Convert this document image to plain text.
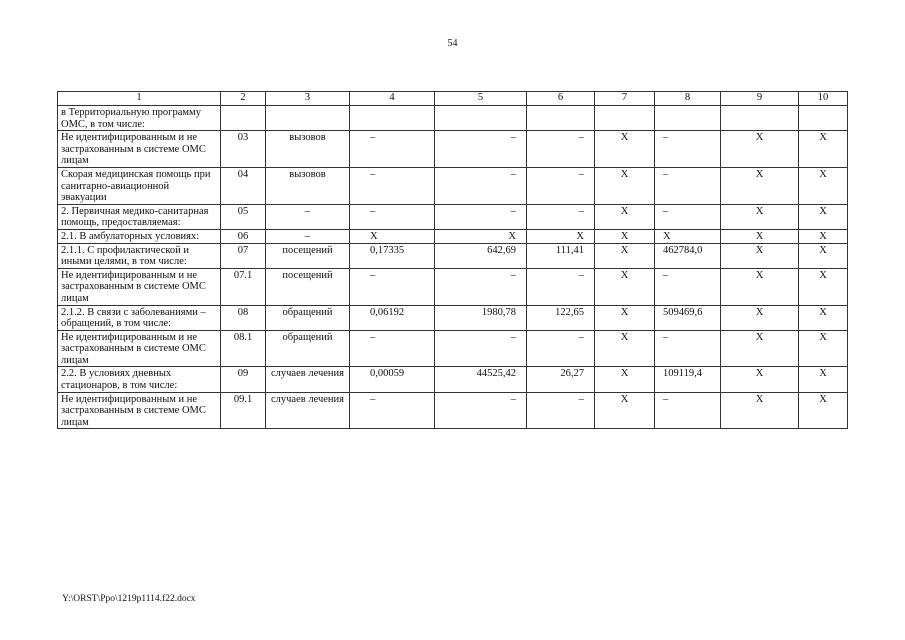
54
1	2	3	4	5	6	7	8	9	10
в Территориальную программу ОМС, в том числе:									
Не идентифицированным и не застрахованным в системе ОМС лицам	03	вызовов	–	–	–	Х	–	Х	Х
Скорая медицинская помощь при санитарно-авиационной эвакуации	04	вызовов	–	–	–	Х	–	Х	Х
2. Первичная медико-санитарная помощь, предоставляемая:	05	–	–	–	–	Х	–	Х	Х
2.1. В амбулаторных условиях:	06	–	Х	Х	Х	Х	Х	Х	Х
2.1.1. С профилактической и иными целями, в том числе:	07	посещений	0,17335	642,69	111,41	Х	462784,0	Х	Х
Не идентифицированным и не застрахованным в системе ОМС лицам	07.1	посещений	–	–	–	Х	–	Х	Х
2.1.2. В связи с заболеваниями – обращений, в том числе:	08	обращений	0,06192	1980,78	122,65	Х	509469,6	Х	Х
Не идентифицированным и не застрахованным в системе ОМС лицам	08.1	обращений	–	–	–	Х	–	Х	Х
2.2. В условиях дневных стационаров, в том числе:	09	случаев лечения	0,00059	44525,42	26,27	Х	109119,4	Х	Х
Не идентифицированным и не застрахованным в системе ОМС лицам	09.1	случаев лечения	–	–	–	Х	–	Х	Х
Y:\ORST\Ppo\1219p1114.f22.docx
